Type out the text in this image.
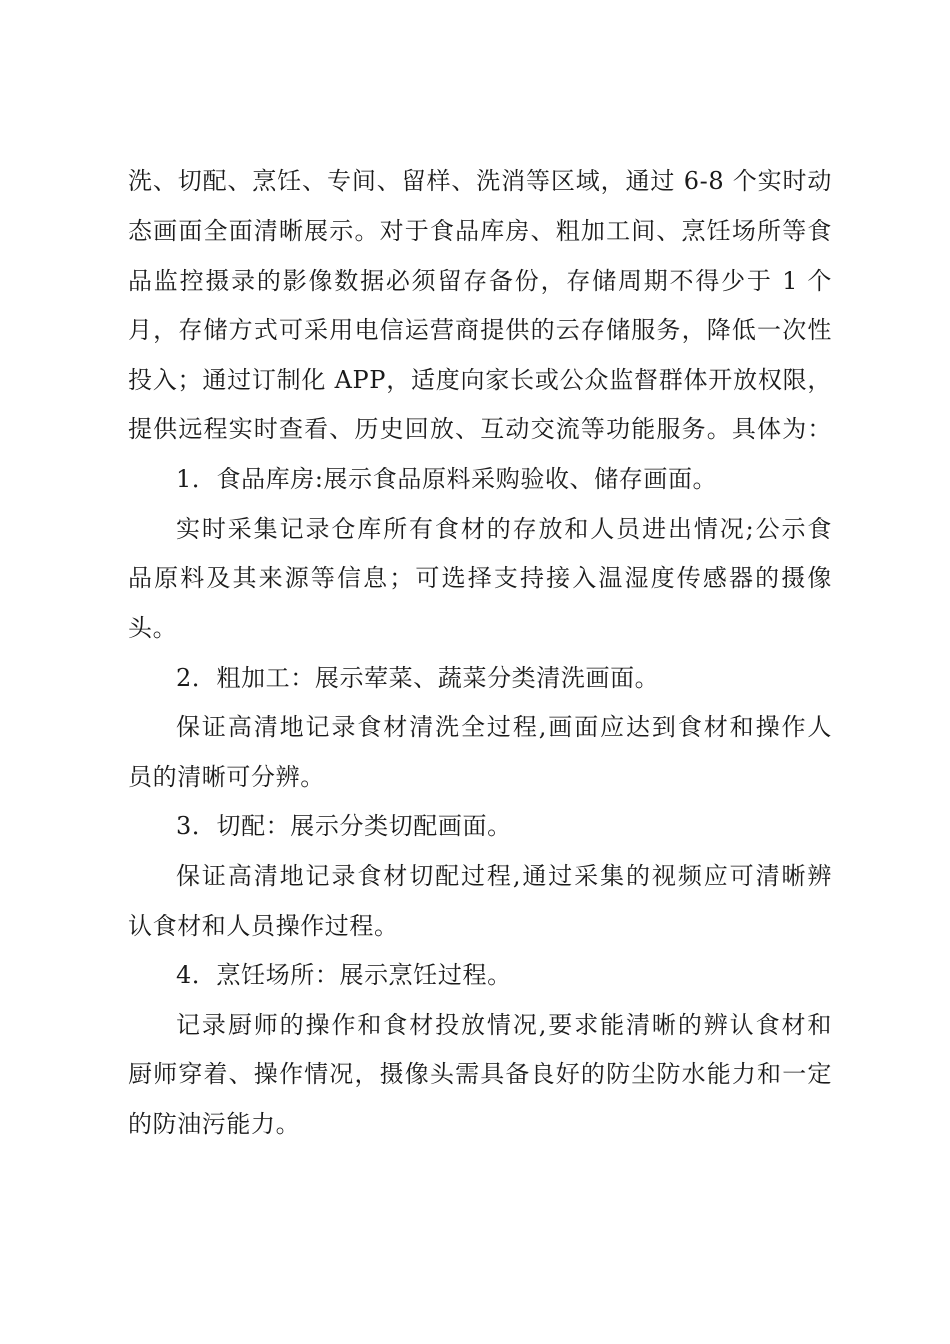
洗、切配、烹饪、专间、留样、洗消等区域，通过 6-8 个实时动
态画面全面清晰展示。对于食品库房、粗加工间、烹饪场所等食
品监控摄录的影像数据必须留存备份，存储周期不得少于 1 个
月，存储方式可采用电信运营商提供的云存储服务，降低一次性
投入；通过订制化 APP，适度向家长或公众监督群体开放权限，
提供远程实时查看、历史回放、互动交流等功能服务。具体为：
1．食品库房:展示食品原料采购验收、储存画面。
实时采集记录仓库所有食材的存放和人员进出情况;公示食
品原料及其来源等信息；可选择支持接入温湿度传感器的摄像
头。
2．粗加工：展示荤菜、蔬菜分类清洗画面。
保证高清地记录食材清洗全过程,画面应达到食材和操作人
员的清晰可分辨。
3．切配：展示分类切配画面。
保证高清地记录食材切配过程,通过采集的视频应可清晰辨
认食材和人员操作过程。
4．烹饪场所：展示烹饪过程。
记录厨师的操作和食材投放情况,要求能清晰的辨认食材和
厨师穿着、操作情况，摄像头需具备良好的防尘防水能力和一定
的防油污能力。
